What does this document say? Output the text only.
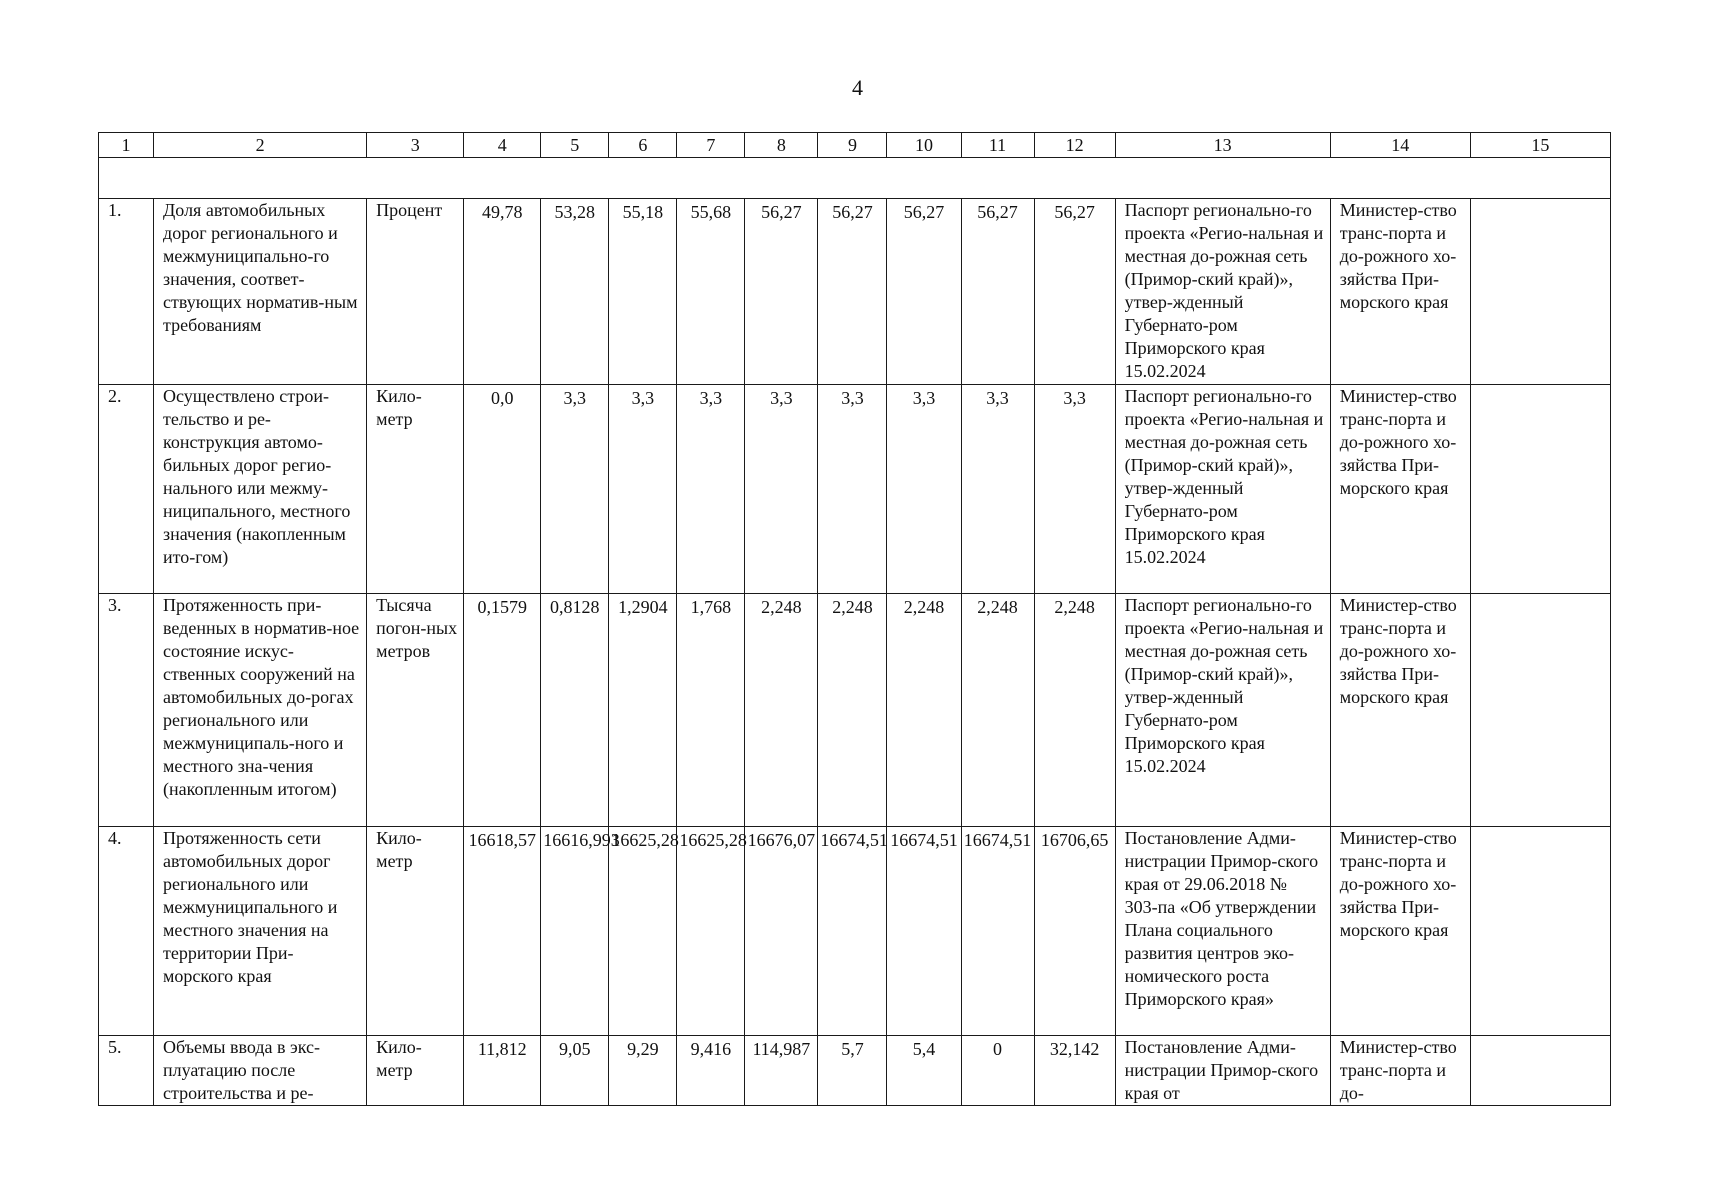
4
1	2	3	4	5	6	7	8	9	10	11	12	13	14	15

1.	Доля автомобильных дорог регионального и межмуниципально-го значения, соответ-ствующих норматив-ным требованиям	Процент	49,78	53,28	55,18	55,68	56,27	56,27	56,27	56,27	56,27	Паспорт регионально-го проекта «Регио-нальная и местная до-рожная сеть (Примор-ский край)», утвер-жденный Губернато-ром Приморского края 15.02.2024	Министер-ство транс-порта и до-рожного хо-зяйства При-морского края	
2.	Осуществлено строи-тельство и ре-конструкция автомо-бильных дорог регио-нального или межму-ниципального, местного значения (накопленным ито-гом)	Кило-метр	0,0	3,3	3,3	3,3	3,3	3,3	3,3	3,3	3,3	Паспорт регионально-го проекта «Регио-нальная и местная до-рожная сеть (Примор-ский край)», утвер-жденный Губернато-ром Приморского края 15.02.2024	Министер-ство транс-порта и до-рожного хо-зяйства При-морского края	
3.	Протяженность при-веденных в норматив-ное состояние искус-ственных сооружений на автомобильных до-рогах регионального или межмуниципаль-ного и местного зна-чения (накопленным итогом)	Тысяча погон-ных метров	0,1579	0,8128	1,2904	1,768	2,248	2,248	2,248	2,248	2,248	Паспорт регионально-го проекта «Регио-нальная и местная до-рожная сеть (Примор-ский край)», утвер-жденный Губернато-ром Приморского края 15.02.2024	Министер-ство транс-порта и до-рожного хо-зяйства При-морского края	
4.	Протяженность сети автомобильных дорог регионального или межмуниципального и местного значения на территории При-морского края	Кило-метр	16618,57	16616,993	16625,28	16625,28	16676,07	16674,51	16674,51	16674,51	16706,65	Постановление Адми-нистрации Примор-ского края от 29.06.2018 № 303-па «Об утверждении Плана социального развития центров эко-номического роста Приморского края»	Министер-ство транс-порта и до-рожного хо-зяйства При-морского края	
5.	Объемы ввода в экс-плуатацию после строительства и ре-	Кило-метр	11,812	9,05	9,29	9,416	114,987	5,7	5,4	0	32,142	Постановление Адми-нистрации Примор-ского края от	Министер-ство транс-порта и до-	
